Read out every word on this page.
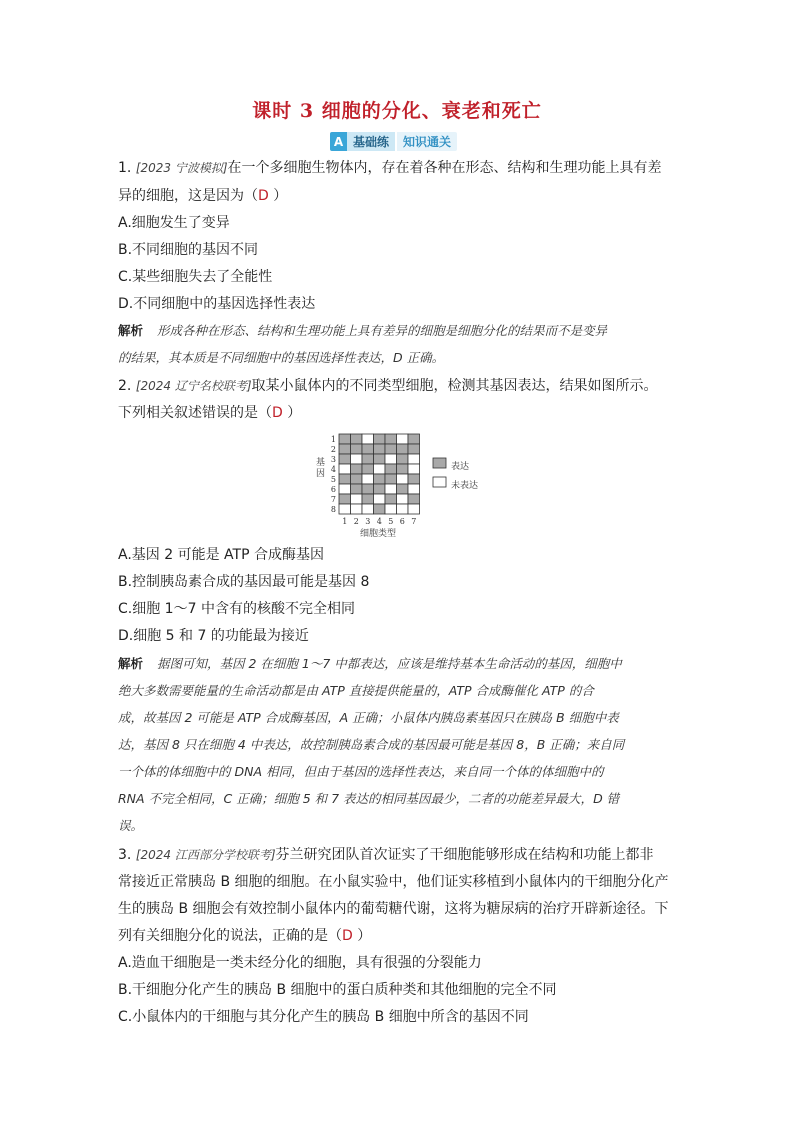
课时 3 细胞的分化、衰老和死亡
A 基础练	知识通关
1. [2023 宁波模拟]在一个多细胞生物体内，存在着各种在形态、结构和生理功能上具有差
异的细胞，这是因为（D ）
A.细胞发生了变异
B.不同细胞的基因不同
C.某些细胞失去了全能性
D.不同细胞中的基因选择性表达
解析 形成各种在形态、结构和生理功能上具有差异的细胞是细胞分化的结果而不是变异
的结果，其本质是不同细胞中的基因选择性表达，D 正确。
2. [2024 辽宁名校联考]取某小鼠体内的不同类型细胞，检测其基因表达，结果如图所示。
下列相关叙述错误的是（D ）
1
2
3
4
5
6
7
8
1 2 3 4 5 6 7
基因
细胞类型
表达
未表达
A.基因 2 可能是 ATP 合成酶基因
B.控制胰岛素合成的基因最可能是基因 8
C.细胞 1～7 中含有的核酸不完全相同
D.细胞 5 和 7 的功能最为接近
解析 据图可知，基因 2 在细胞 1～7 中都表达，应该是维持基本生命活动的基因，细胞中
绝大多数需要能量的生命活动都是由 ATP 直接提供能量的，ATP 合成酶催化 ATP 的合
成，故基因 2 可能是 ATP 合成酶基因，A 正确；小鼠体内胰岛素基因只在胰岛 B 细胞中表
达，基因 8 只在细胞 4 中表达，故控制胰岛素合成的基因最可能是基因 8，B 正确；来自同
一个体的体细胞中的 DNA 相同，但由于基因的选择性表达，来自同一个体的体细胞中的
RNA 不完全相同，C 正确；细胞 5 和 7 表达的相同基因最少，二者的功能差异最大，D 错
误。
3. [2024 江西部分学校联考]芬兰研究团队首次证实了干细胞能够形成在结构和功能上都非
常接近正常胰岛 B 细胞的细胞。在小鼠实验中，他们证实移植到小鼠体内的干细胞分化产
生的胰岛 B 细胞会有效控制小鼠体内的葡萄糖代谢，这将为糖尿病的治疗开辟新途径。下
列有关细胞分化的说法，正确的是（D ）
A.造血干细胞是一类未经分化的细胞，具有很强的分裂能力
B.干细胞分化产生的胰岛 B 细胞中的蛋白质种类和其他细胞的完全不同
C.小鼠体内的干细胞与其分化产生的胰岛 B 细胞中所含的基因不同
